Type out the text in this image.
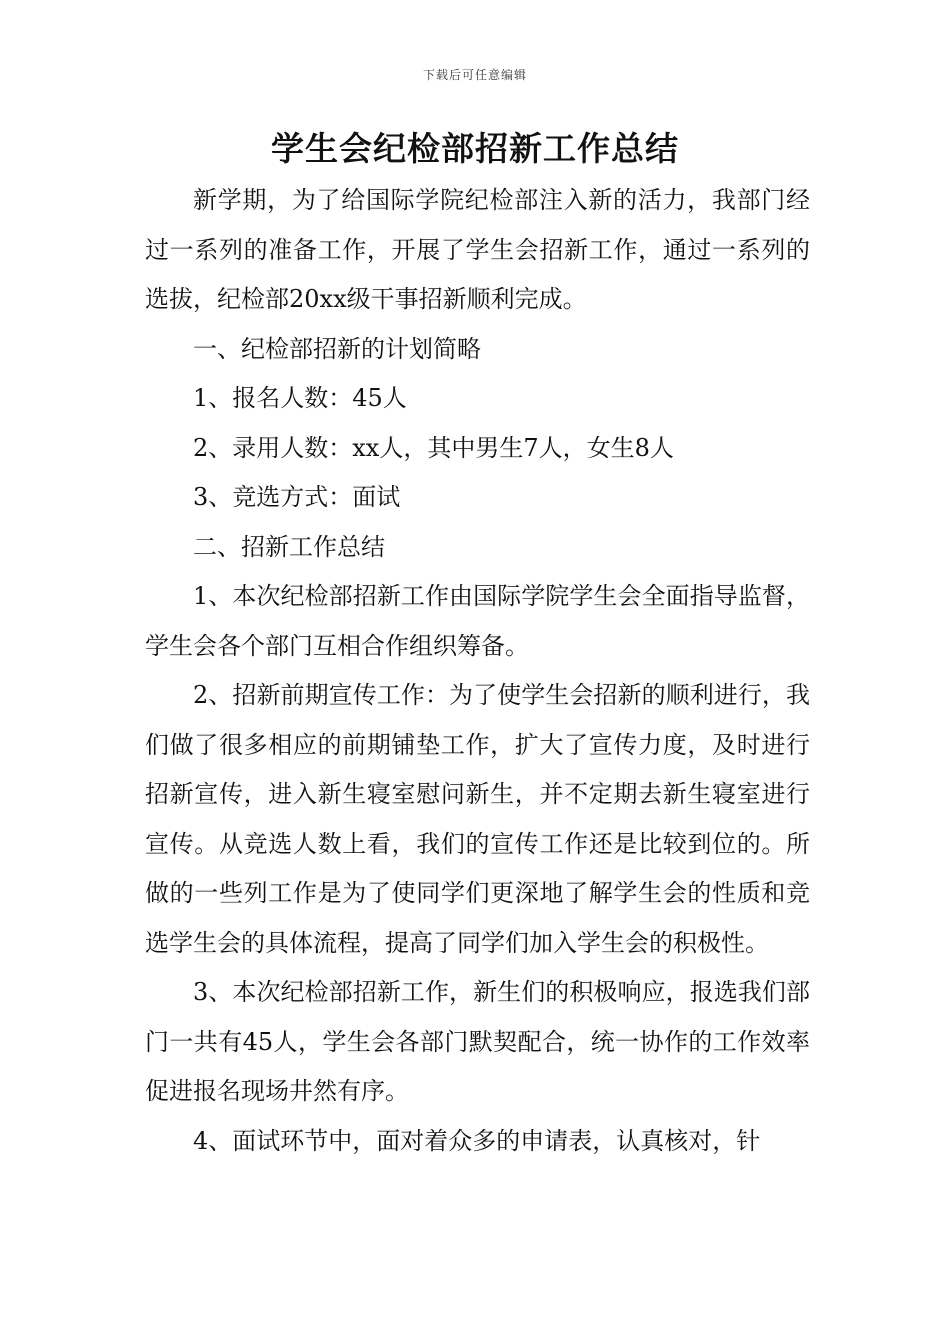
下载后可任意编辑
学生会纪检部招新工作总结

新学期，为了给国际学院纪检部注入新的活力，我部门经过一系列的准备工作，开展了学生会招新工作，通过一系列的选拔，纪检部20xx级干事招新顺利完成。

一、纪检部招新的计划简略

1、报名人数：45人

2、录用人数：xx人，其中男生7人，女生8人

3、竞选方式：面试

二、招新工作总结

1、本次纪检部招新工作由国际学院学生会全面指导监督，学生会各个部门互相合作组织筹备。

2、招新前期宣传工作：为了使学生会招新的顺利进行，我们做了很多相应的前期铺垫工作，扩大了宣传力度，及时进行招新宣传，进入新生寝室慰问新生，并不定期去新生寝室进行宣传。从竞选人数上看，我们的宣传工作还是比较到位的。所做的一些列工作是为了使同学们更深地了解学生会的性质和竞选学生会的具体流程，提高了同学们加入学生会的积极性。

3、本次纪检部招新工作，新生们的积极响应，报选我们部门一共有45人，学生会各部门默契配合，统一协作的工作效率促进报名现场井然有序。

4、面试环节中，面对着众多的申请表，认真核对，针
